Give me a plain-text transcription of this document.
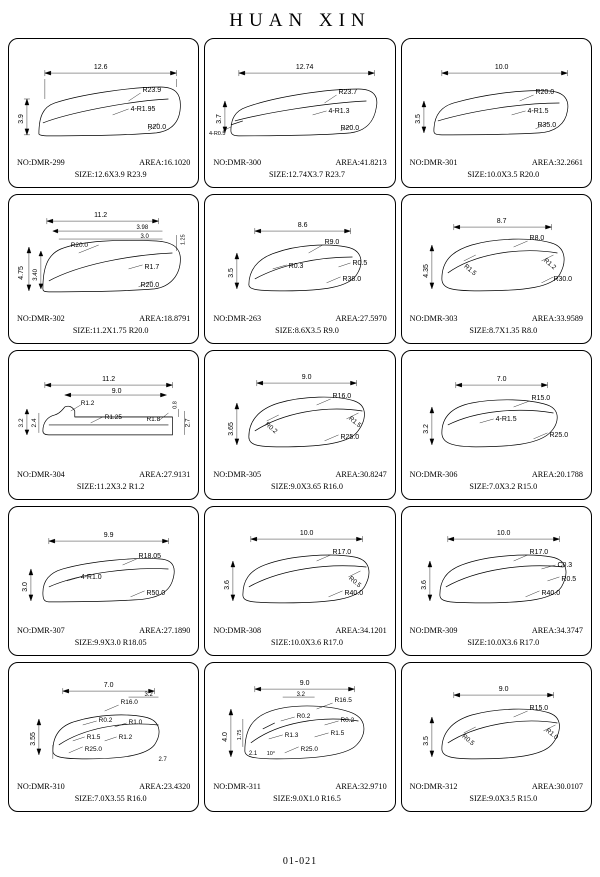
HUAN XIN
12.6
3.9
R23.9
4-R1.95
R20.0
NO:DMR-299	AREA:16.1020
SIZE:12.6X3.9 R23.9
12.74
3.7
R23.7
4-R1.3
R20.0
4-R0.5
NO:DMR-300	AREA:41.8213
SIZE:12.74X3.7 R23.7
10.0
3.5
R20.0
4-R1.5
R35.0
NO:DMR-301	AREA:32.2661
SIZE:10.0X3.5 R20.0
11.2
3.98
3.0	1.25
4.75 3.40
R20.0
R1.7
R20.0
NO:DMR-302	AREA:18.8791
SIZE:11.2X1.75 R20.0
8.6
3.5
R9.0
R0.3	R0.5
R38.0
NO:DMR-263	AREA:27.5970
SIZE:8.6X3.5 R9.0
8.7
4.35
R8.0
R1.5	R1.2
R30.0
NO:DMR-303	AREA:33.9589
SIZE:8.7X1.35 R8.0
11.2
9.0
3.2 2.4
0.8
2.7
R1.2
R1.25	R1.8
NO:DMR-304	AREA:27.9131
SIZE:11.2X3.2 R1.2
9.0
3.65
R16.0
R0.2	R1.5
R25.0
NO:DMR-305	AREA:30.8247
SIZE:9.0X3.65 R16.0
7.0
3.2
R15.0
4-R1.5
R25.0
NO:DMR-306	AREA:20.1788
SIZE:7.0X3.2 R15.0
9.9
3.0
R18.05
4-R1.0
R50.0
NO:DMR-307	AREA:27.1890
SIZE:9.9X3.0 R18.05
10.0
3.6
R17.0
R0.5
R40.0
NO:DMR-308	AREA:34.1201
SIZE:10.0X3.6 R17.0
10.0
3.6
R17.0
C0.3
R0.5
R40.0
NO:DMR-309	AREA:34.3747
SIZE:10.0X3.6 R17.0
7.0
3.2
3.55
2.7
R16.0
R0.2 R1.0
R1.5	R1.2
R25.0
NO:DMR-310	AREA:23.4320
SIZE:7.0X3.55 R16.0
9.0
3.2
4.0 1.75
2.1 10°
R16.5
R0.2
R0.2
R1.3	R1.5
R25.0
NO:DMR-311	AREA:32.9710
SIZE:9.0X1.0 R16.5
9.0
3.5
R15.0
R0.5	R1.0
NO:DMR-312	AREA:30.0107
SIZE:9.0X3.5 R15.0
01-021
